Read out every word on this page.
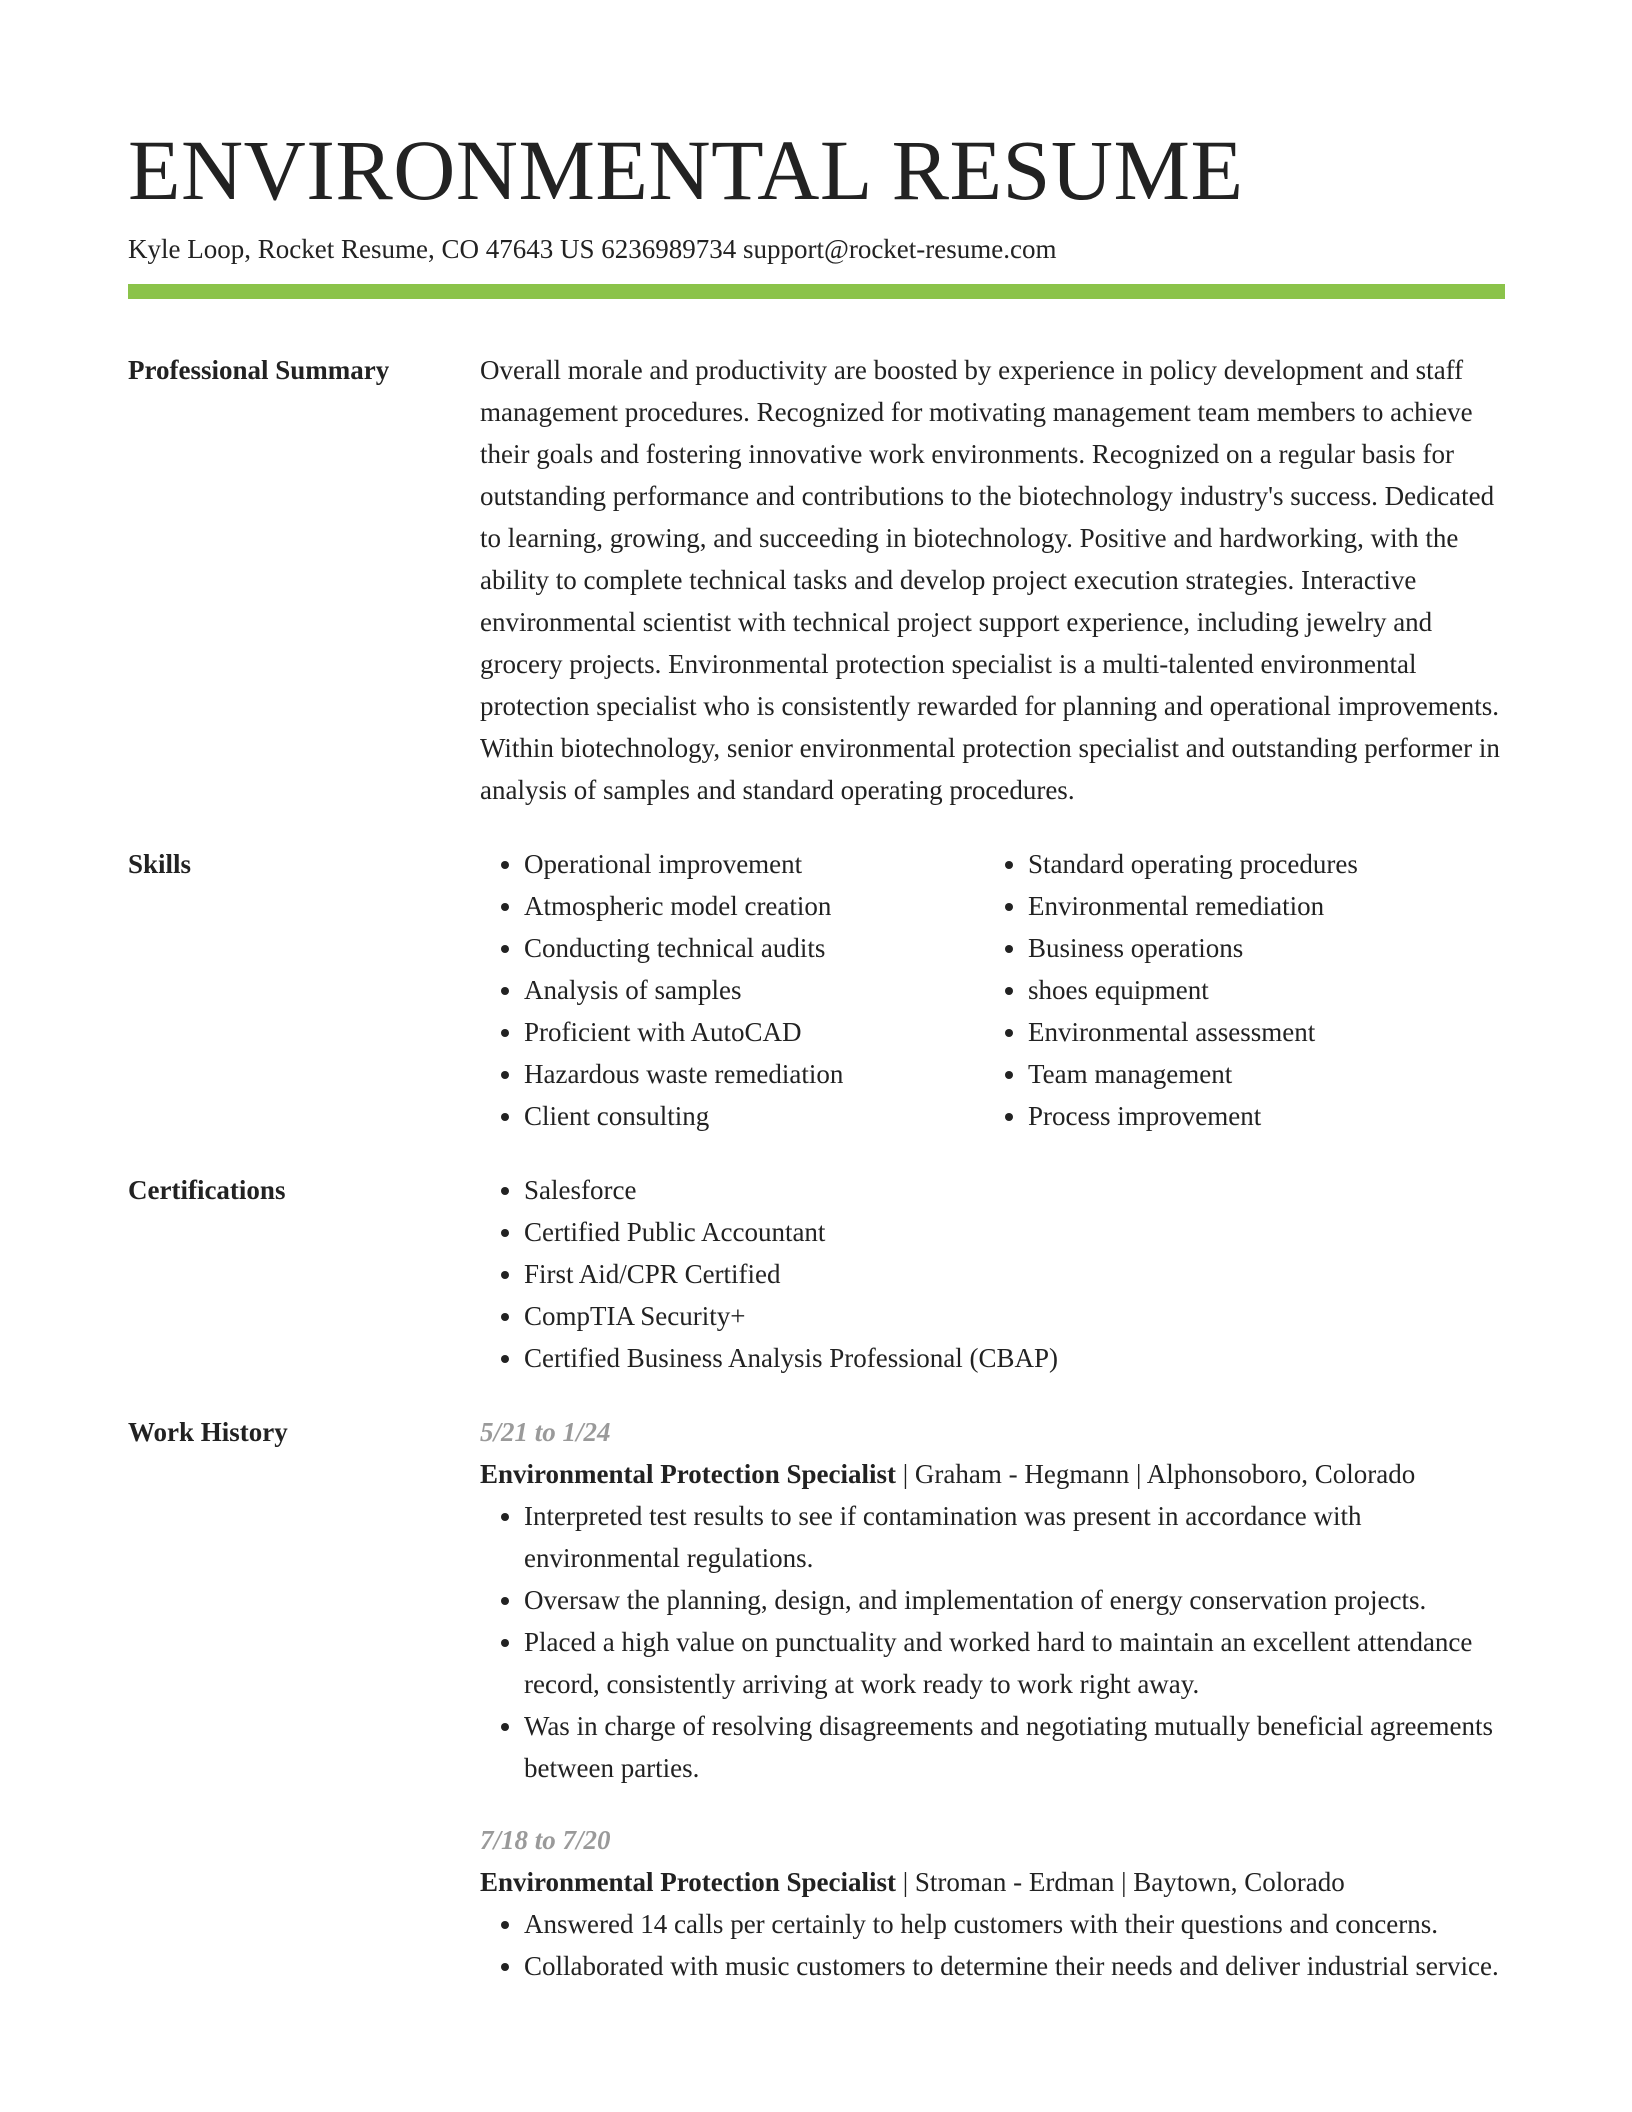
ENVIRONMENTAL RESUME
Kyle Loop, Rocket Resume, CO 47643 US 6236989734 support@rocket-resume.com
Professional Summary	Overall morale and productivity are boosted by experience in policy development and staff management procedures. Recognized for motivating management team members to achieve their goals and fostering innovative work environments. Recognized on a regular basis for outstanding performance and contributions to the biotechnology industry's success. Dedicated to learning, growing, and succeeding in biotechnology. Positive and hardworking, with the ability to complete technical tasks and develop project execution strategies. Interactive environmental scientist with technical project support experience, including jewelry and grocery projects. Environmental protection specialist is a multi-talented environmental protection specialist who is consistently rewarded for planning and operational improvements. Within biotechnology, senior environmental protection specialist and outstanding performer in analysis of samples and standard operating procedures.
Skills	• Operational improvement
• Atmospheric model creation
• Conducting technical audits
• Analysis of samples
• Proficient with AutoCAD
• Hazardous waste remediation
• Client consulting
• Standard operating procedures
• Environmental remediation
• Business operations
• shoes equipment
• Environmental assessment
• Team management
• Process improvement
Certifications	• Salesforce
• Certified Public Accountant
• First Aid/CPR Certified
• CompTIA Security+
• Certified Business Analysis Professional (CBAP)
Work History	5/21 to 1/24
Environmental Protection Specialist | Graham - Hegmann | Alphonsoboro, Colorado
• Interpreted test results to see if contamination was present in accordance with environmental regulations.
• Oversaw the planning, design, and implementation of energy conservation projects.
• Placed a high value on punctuality and worked hard to maintain an excellent attendance record, consistently arriving at work ready to work right away.
• Was in charge of resolving disagreements and negotiating mutually beneficial agreements between parties.
7/18 to 7/20
Environmental Protection Specialist | Stroman - Erdman | Baytown, Colorado
• Answered 14 calls per certainly to help customers with their questions and concerns.
• Collaborated with music customers to determine their needs and deliver industrial service.
